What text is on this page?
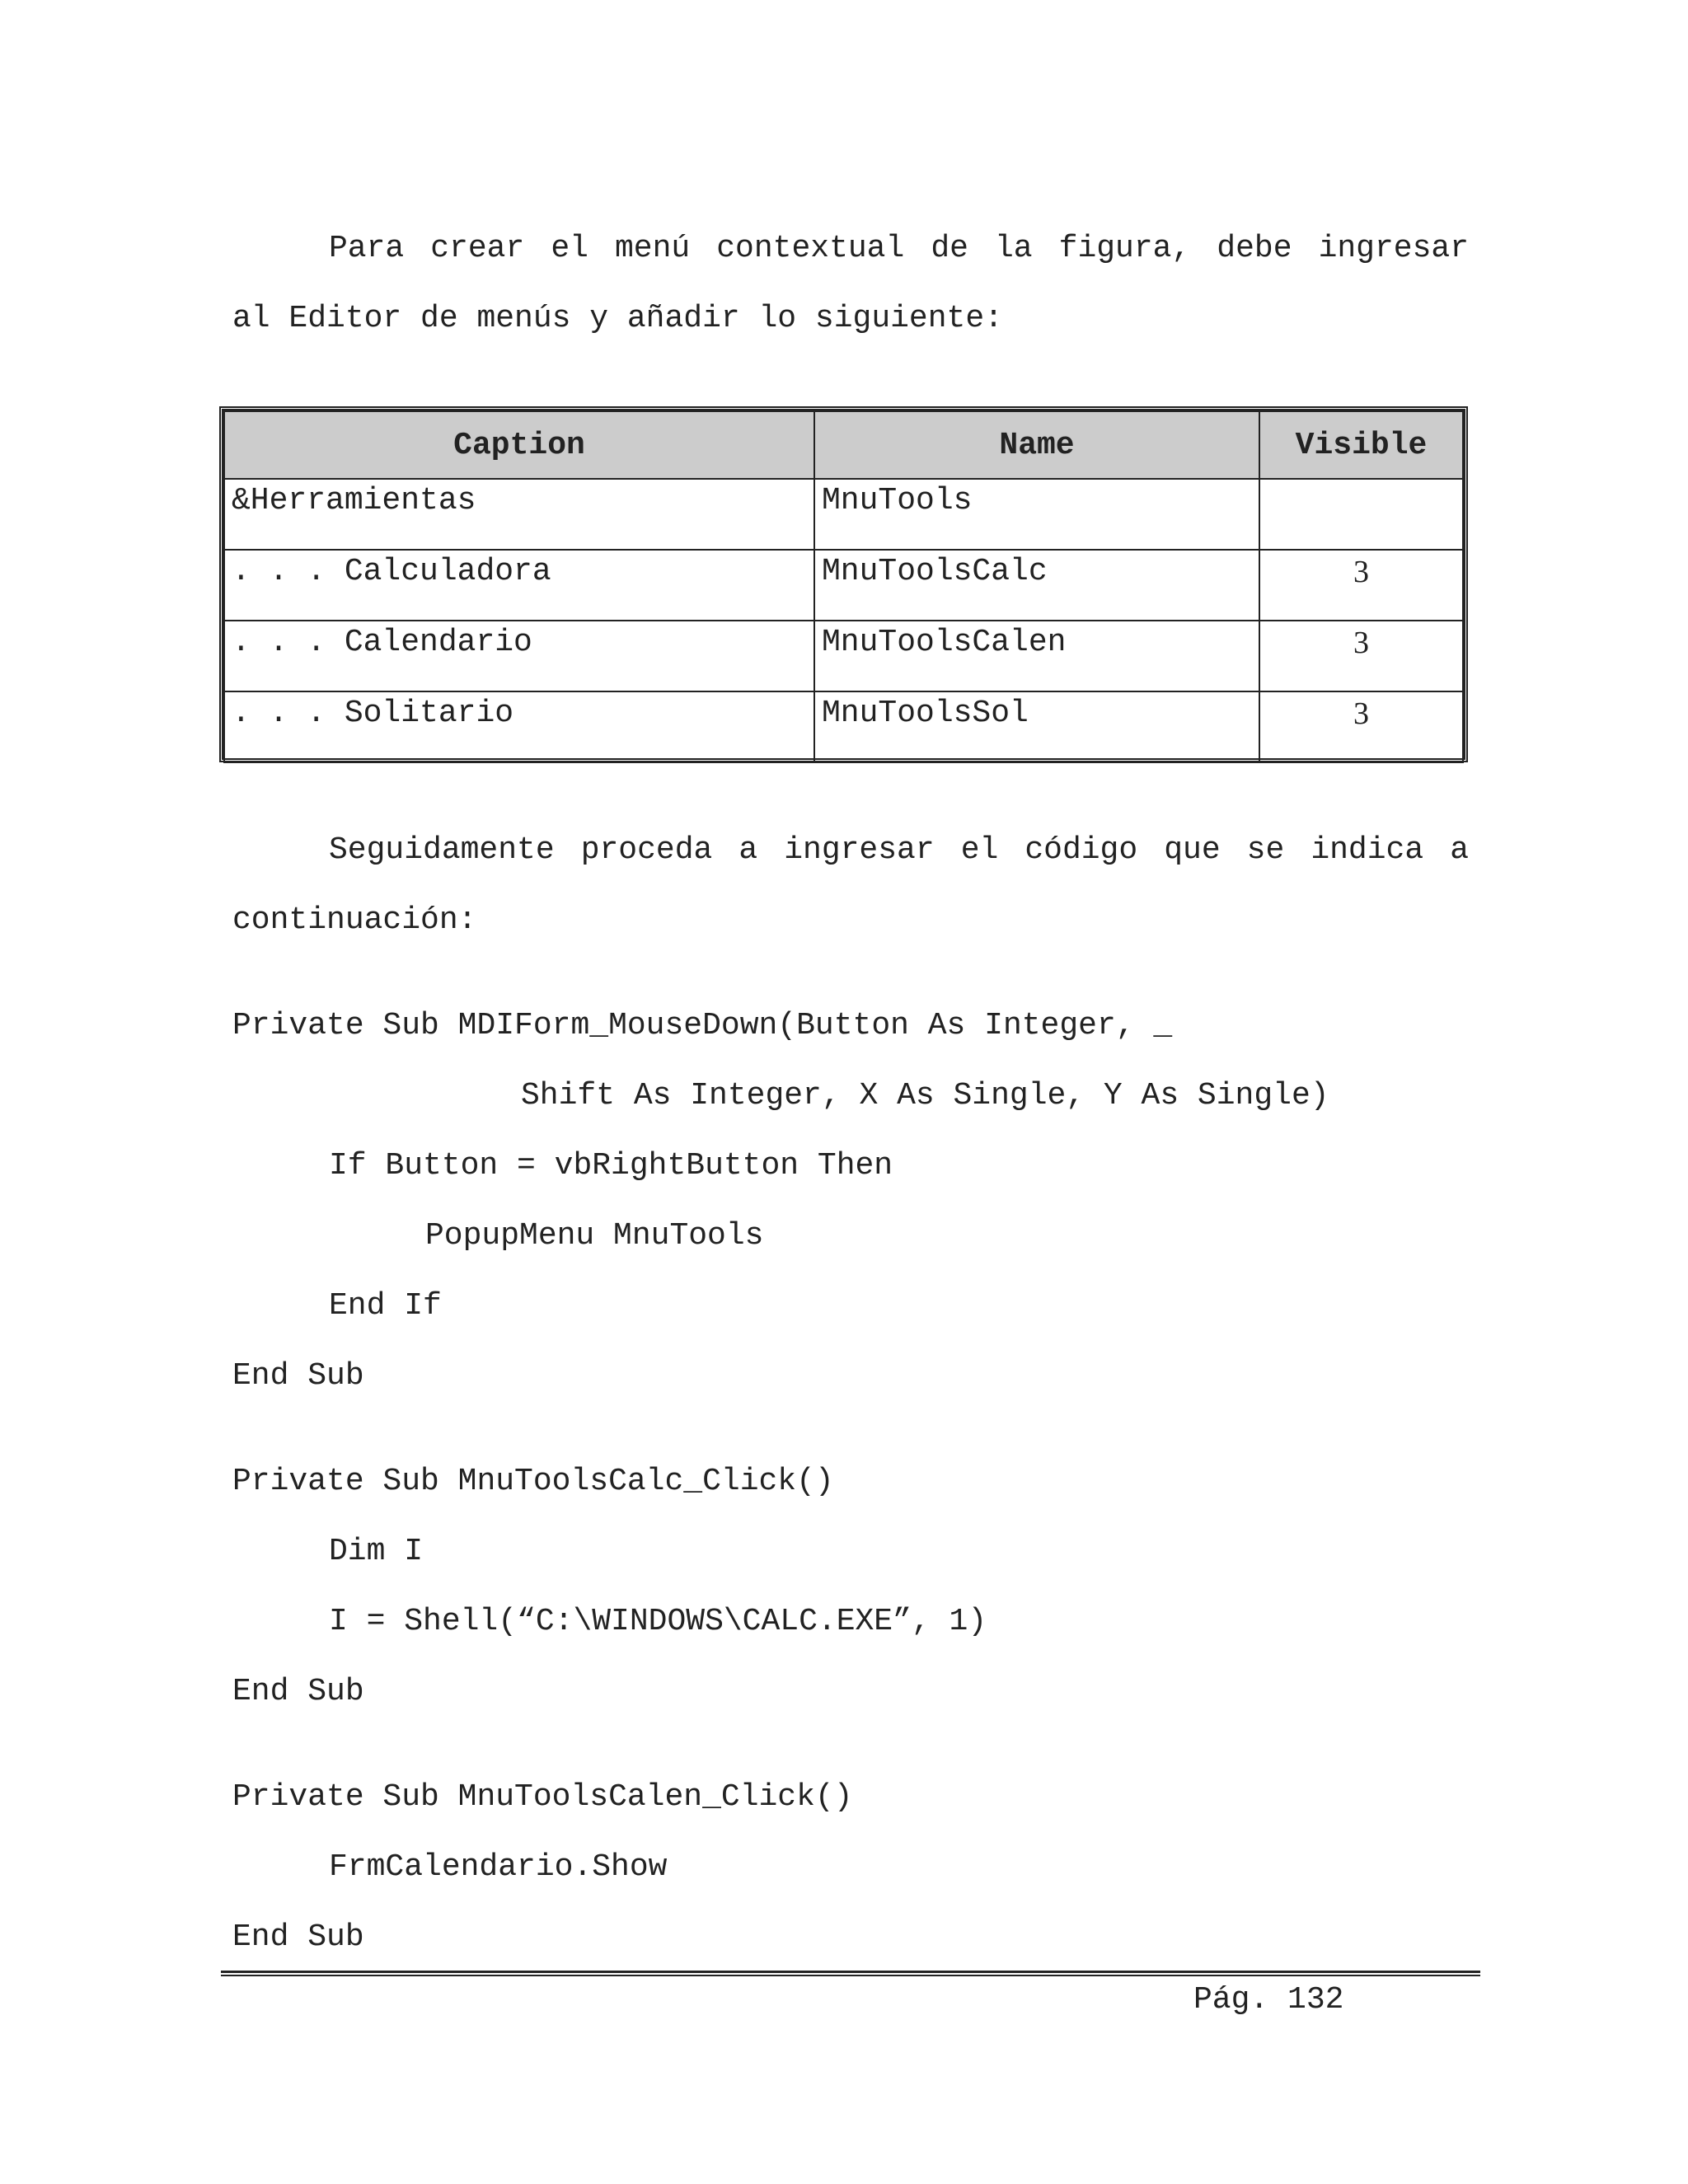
Para crear el menú contextual de la figura, debe ingresar
al Editor de menús y añadir lo siguiente:
Caption	Name	Visible
&Herramientas	MnuTools	
. . . Calculadora	MnuToolsCalc	3
. . . Calendario	MnuToolsCalen	3
. . . Solitario	MnuToolsSol	3
Seguidamente proceda a ingresar el código que se indica a
continuación:
Private Sub MDIForm_MouseDown(Button As Integer, _
Shift As Integer, X As Single, Y As Single)
If Button = vbRightButton Then
PopupMenu MnuTools
End If
End Sub
Private Sub MnuToolsCalc_Click()
Dim I
I = Shell(“C:\WINDOWS\CALC.EXE”, 1)
End Sub
Private Sub MnuToolsCalen_Click()
FrmCalendario.Show
End Sub
Pág. 132
